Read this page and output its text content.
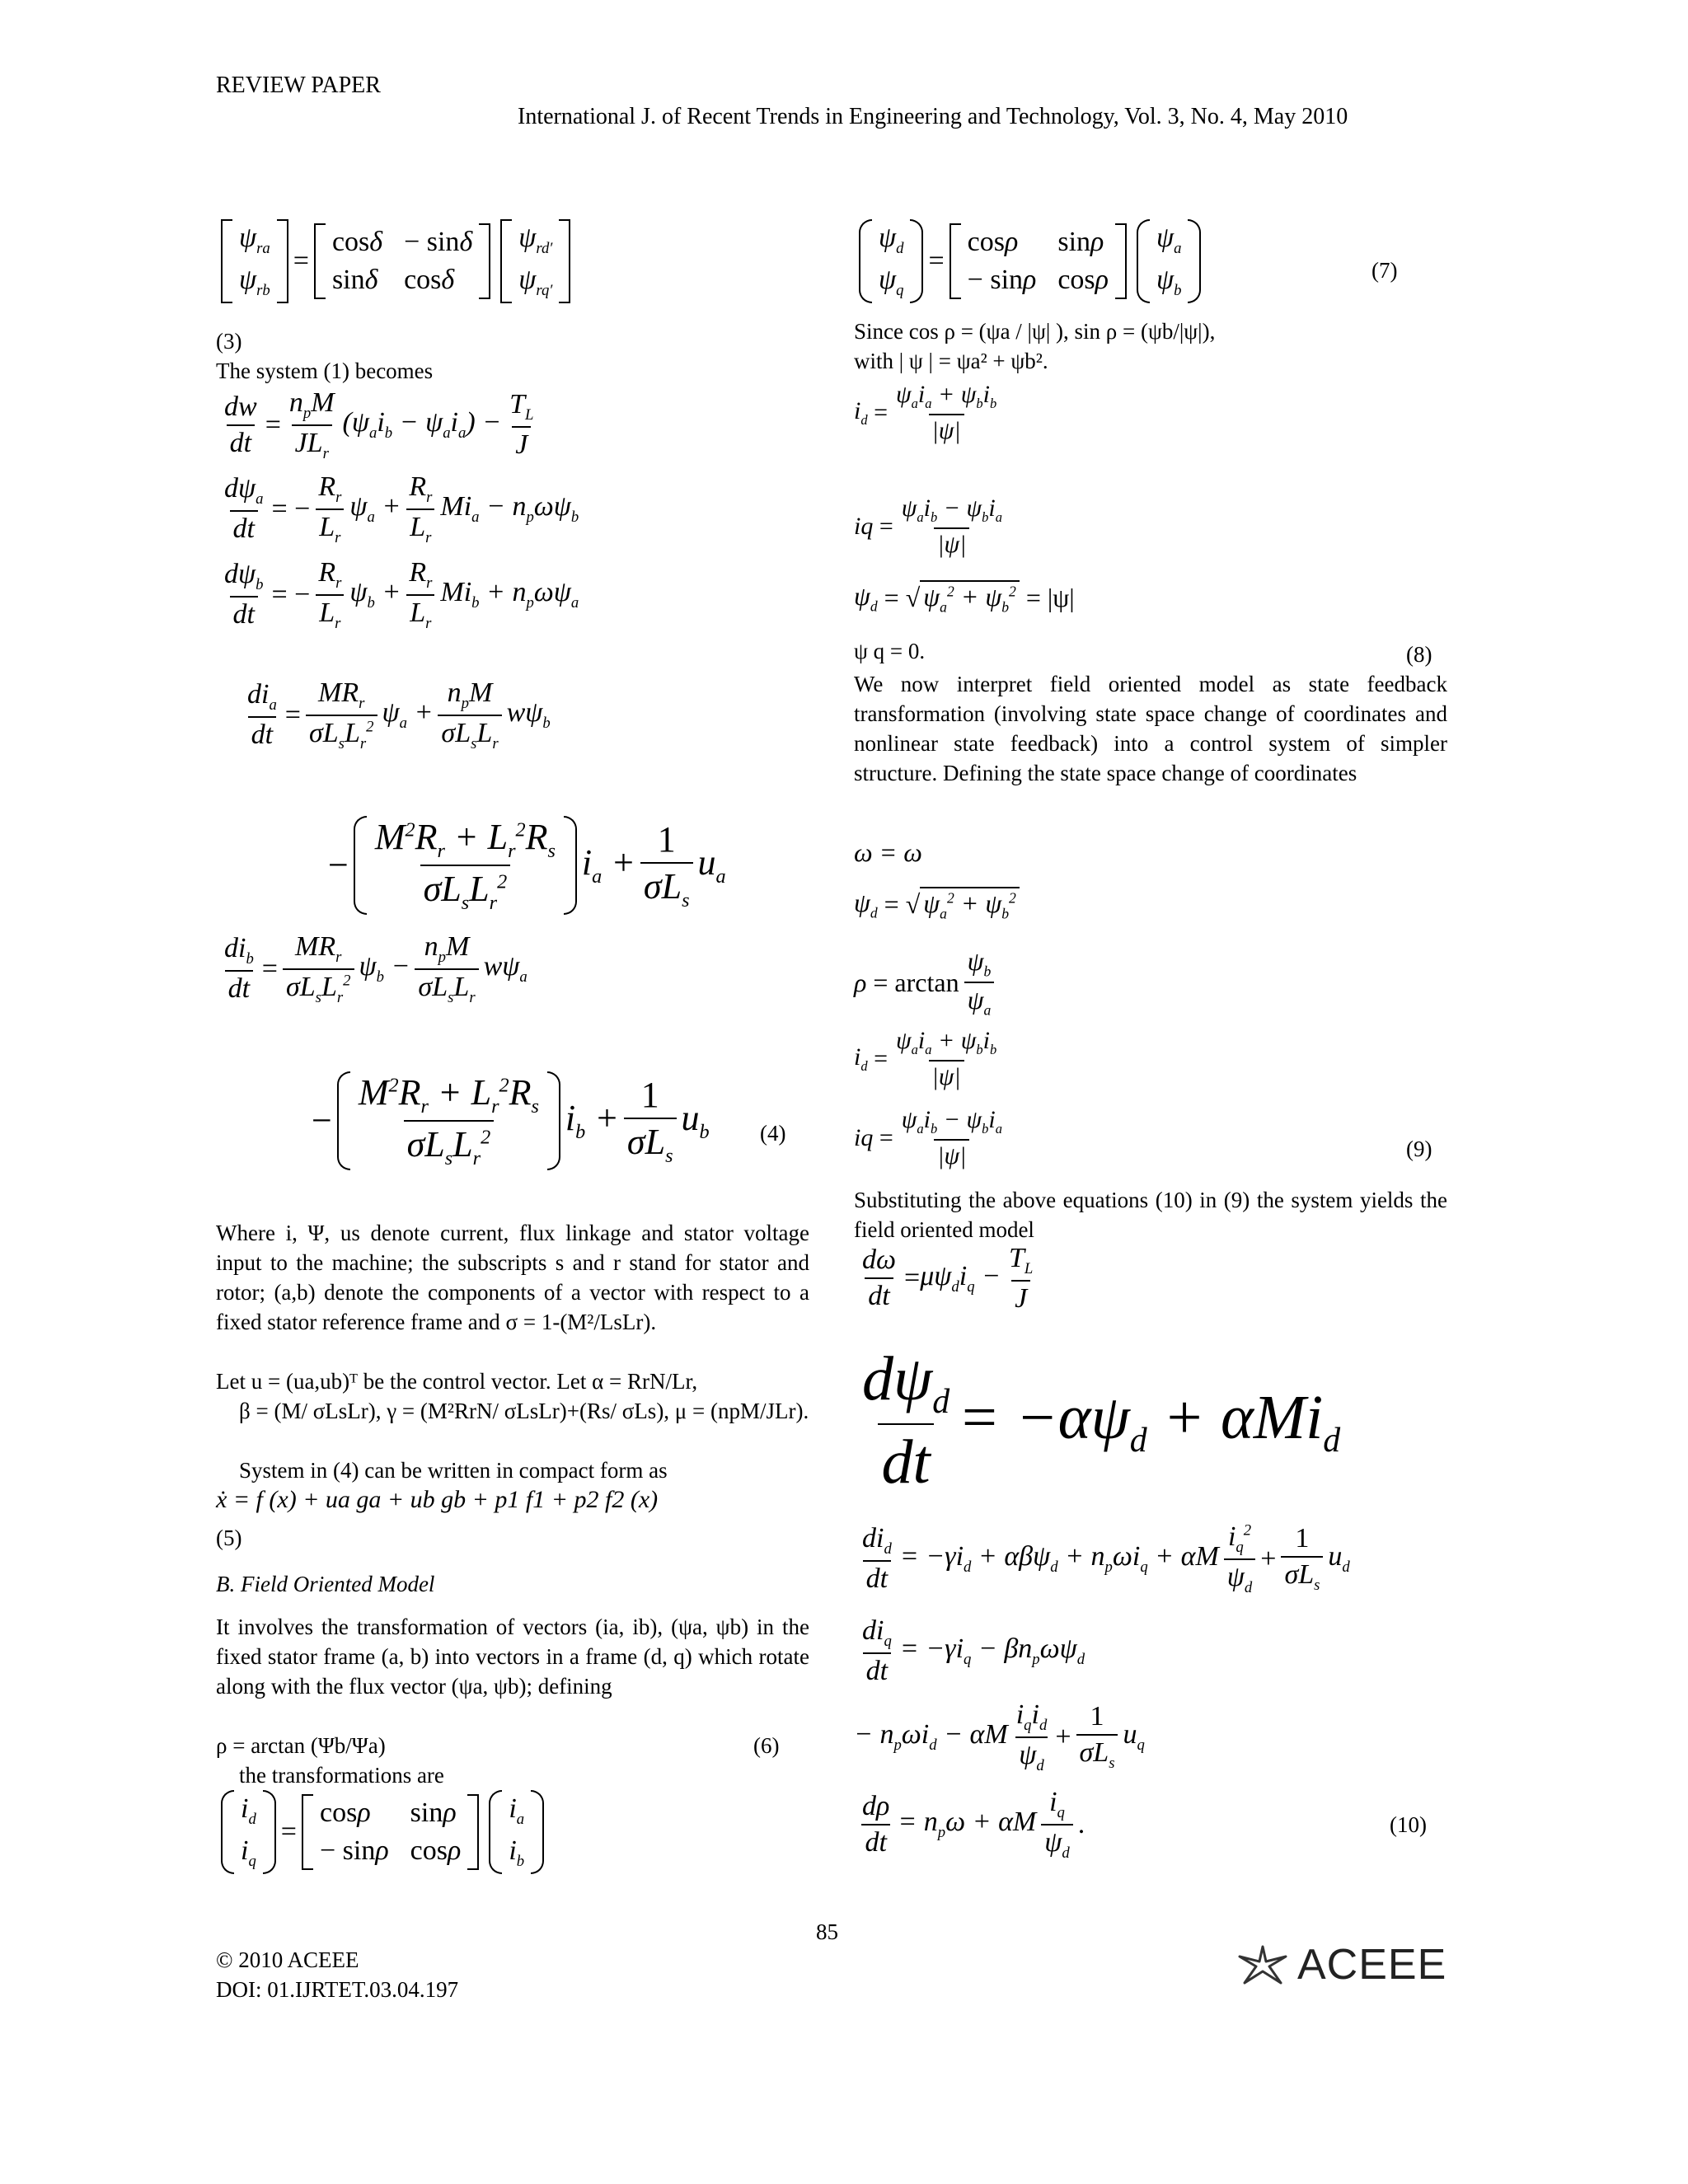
REVIEW PAPER
International J. of Recent Trends in Engineering and Technology, Vol. 3, No. 4, May 2010
$\psi_{ra}$
$\psi_{rb}$
=
cosδ − sinδ
sinδ cosδ
$\psi_{rd'}$
$\psi_{rq'}$
(3)
The system (1) becomes
$\frac{dw}{dt} = \frac{n_pM}{JL_r} (\psi_ai_b - \psi_ai_a) - \frac{T_L}{J}$
$\frac{d\psi_a}{dt}$ = − $\frac{R_r}{L_r} \psi_a + \frac{R_r}{L_r} Mi_a - n_p\omega\psi_b$
$\frac{d\psi_b}{dt}$ = − $\frac{R_r}{L_r} \psi_b + \frac{R_r}{L_r} Mi_b + n_p\omega\psi_a$
$\frac{di_a}{dt} = \frac{MR_r}{\sigma L_sL_r^2} \psi_a + \frac{n_pM}{\sigma L_sL_r} w\psi_b$
− $\frac{M^2R_r + L_r^2R_s}{\sigma L_sL_r^2} i_a + \frac{1}{\sigma L_s} u_a$
$\frac{di_b}{dt} = \frac{MR_r}{\sigma L_sL_r^2} \psi_b - \frac{n_pM}{\sigma L_sL_r} w\psi_a$
− $\frac{M^2R_r + L_r^2R_s}{\sigma L_sL_r^2} i_b + \frac{1}{\sigma L_s} u_b$ (4)
Where i, Ψ, us denote current, flux linkage and stator voltage input to the machine; the subscripts s and r stand for stator and rotor; (a,b) denote the components of a vector with respect to a fixed stator reference frame and σ = 1-(M²/LsLr).
Let u = (ua,ub)ᵀ be the control vector. Let α = RrN/Lr,
β = (M/ σLsLr), γ = (M²RrN/ σLsLr)+(Rs/ σLs), μ = (npM/JLr).
System in (4) can be written in compact form as
ẋ = f (x) + ua ga + ub gb + p1 f1 + p2 f2 (x)
(5)
B. Field Oriented Model
It involves the transformation of vectors (ia, ib), (ψa, ψb) in the fixed stator frame (a, b) into vectors in a frame (d, q) which rotate along with the flux vector (ψa, ψb); defining
ρ = arctan (Ψb/Ψa)	(6)
the transformations are
$i_d$
$i_q$
=
cosρ	sinρ
− sinρ cosρ
$i_a$
$i_b$
$\psi_d$
$\psi_q$
=
cosρ	sinρ
− sinρ cosρ
$\psi_a$
$\psi_b$
(7)
Since cos ρ = (ψa / |ψ| ), sin ρ = (ψb/|ψ|),
with | ψ | = ψa² + ψb².
$i_d = \frac{\psi_ai_a + \psi_bi_b}{|\psi|}$
iq = $\frac{\psi_ai_b - \psi_bi_a}{|\psi|}$
$\psi_d$ = √ $\psi_a^2 + \psi_b^2 = |\psi|$
ψ q = 0.	(8)
We now interpret field oriented model as state feedback transformation (involving state space change of coordinates and nonlinear state feedback) into a control system of simpler structure. Defining the state space change of coordinates
ω = ω
$\psi_d$ = √ $\psi_a^2 + \psi_b^2$
$\rho = \arctan \frac{\psi_b}{\psi_a}$
$i_d = \frac{\psi_ai_a + \psi_bi_b}{|\psi|}$
iq = $\frac{\psi_ai_b - \psi_bi_a}{|\psi|}$	(9)
Substituting the above equations (10) in (9) the system yields the field oriented model
$\frac{d\omega}{dt} = \mu\psi_di_q - \frac{T_L}{J}$
$\frac{d\psi_d}{dt} = -\alpha\psi_d + \alpha Mi_d$
$\frac{di_d}{dt} = -\gamma i_d + \alpha\beta\psi_d + n_p\omega i_q + \alpha M \frac{i_q^2}{\psi_d} + \frac{1}{\sigma L_s} u_d$
$\frac{di_q}{dt} = -\gamma i_q - \beta n_p\omega\psi_d$
− $n_p\omega i_d - \alpha M \frac{i_qi_d}{\psi_d} + \frac{1}{\sigma L_s} u_q$
$\frac{d\rho}{dt} = n_p\omega + \alpha M \frac{i_q}{\psi_d}$ .	(10)
85
© 2010 ACEEE
DOI: 01.IJRTET.03.04.197
ACEEE
